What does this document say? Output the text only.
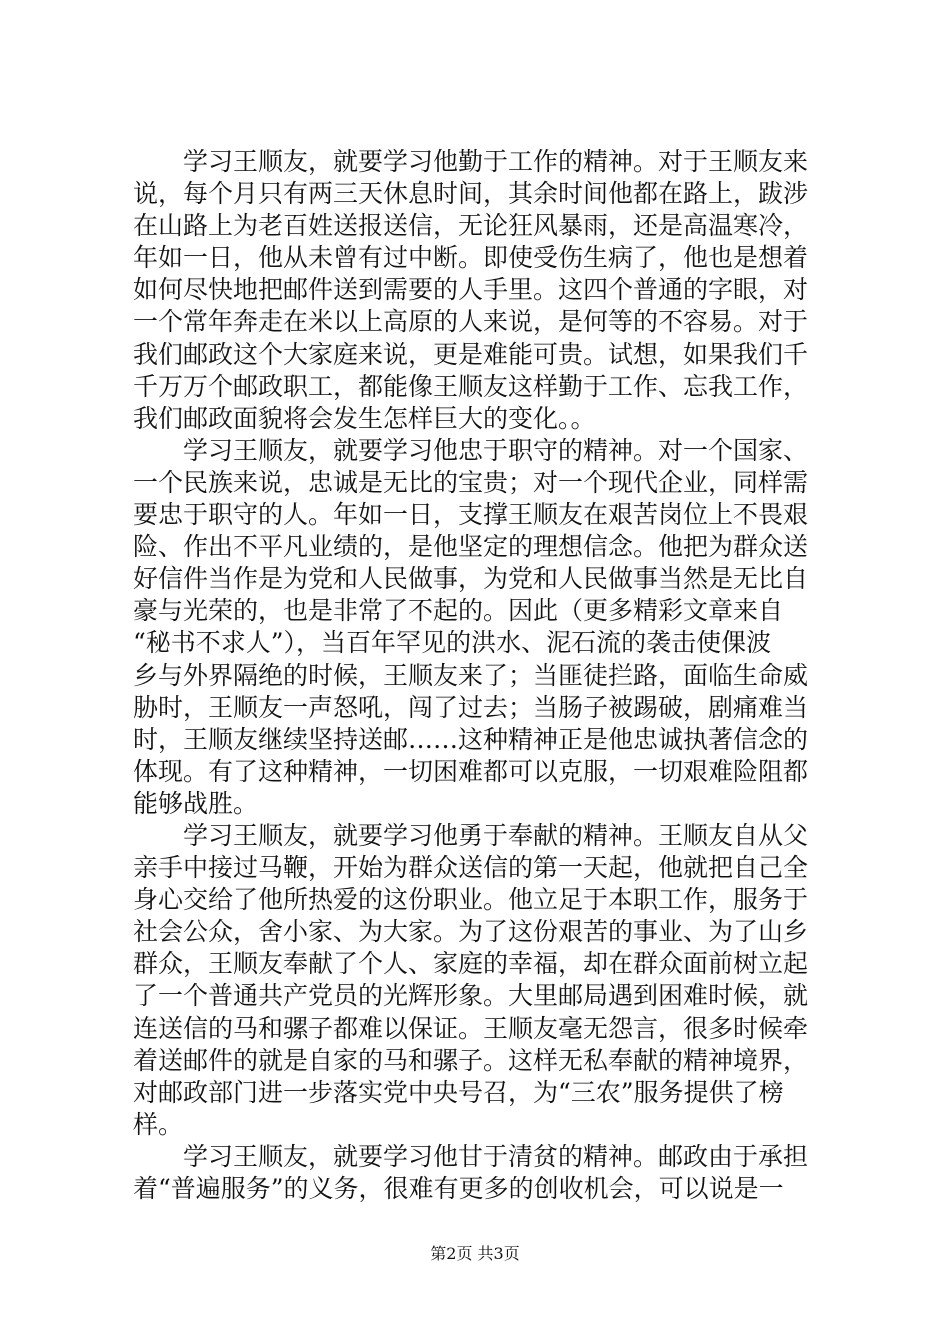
学习王顺友，就要学习他勤于工作的精神。对于王顺友来
说，每个月只有两三天休息时间，其余时间他都在路上，跋涉
在山路上为老百姓送报送信，无论狂风暴雨，还是高温寒冷，
年如一日，他从未曾有过中断。即使受伤生病了，他也是想着
如何尽快地把邮件送到需要的人手里。这四个普通的字眼，对
一个常年奔走在米以上高原的人来说，是何等的不容易。对于
我们邮政这个大家庭来说，更是难能可贵。试想，如果我们千
千万万个邮政职工，都能像王顺友这样勤于工作、忘我工作，
我们邮政面貌将会发生怎样巨大的变化。。
学习王顺友，就要学习他忠于职守的精神。对一个国家、
一个民族来说，忠诚是无比的宝贵；对一个现代企业，同样需
要忠于职守的人。年如一日，支撑王顺友在艰苦岗位上不畏艰
险、作出不平凡业绩的，是他坚定的理想信念。他把为群众送
好信件当作是为党和人民做事，为党和人民做事当然是无比自
豪与光荣的，也是非常了不起的。因此（更多精彩文章来自
“秘书不求人”），当百年罕见的洪水、泥石流的袭击使倮波
乡与外界隔绝的时候，王顺友来了；当匪徒拦路，面临生命威
胁时，王顺友一声怒吼，闯了过去；当肠子被踢破，剧痛难当
时，王顺友继续坚持送邮……这种精神正是他忠诚执著信念的
体现。有了这种精神，一切困难都可以克服，一切艰难险阻都
能够战胜。
学习王顺友，就要学习他勇于奉献的精神。王顺友自从父
亲手中接过马鞭，开始为群众送信的第一天起，他就把自己全
身心交给了他所热爱的这份职业。他立足于本职工作，服务于
社会公众，舍小家、为大家。为了这份艰苦的事业、为了山乡
群众，王顺友奉献了个人、家庭的幸福，却在群众面前树立起
了一个普通共产党员的光辉形象。大里邮局遇到困难时候，就
连送信的马和骡子都难以保证。王顺友毫无怨言，很多时候牵
着送邮件的就是自家的马和骡子。这样无私奉献的精神境界，
对邮政部门进一步落实党中央号召，为“三农”服务提供了榜
样。
学习王顺友，就要学习他甘于清贫的精神。邮政由于承担
着“普遍服务”的义务，很难有更多的创收机会，可以说是一
第2页 共3页
